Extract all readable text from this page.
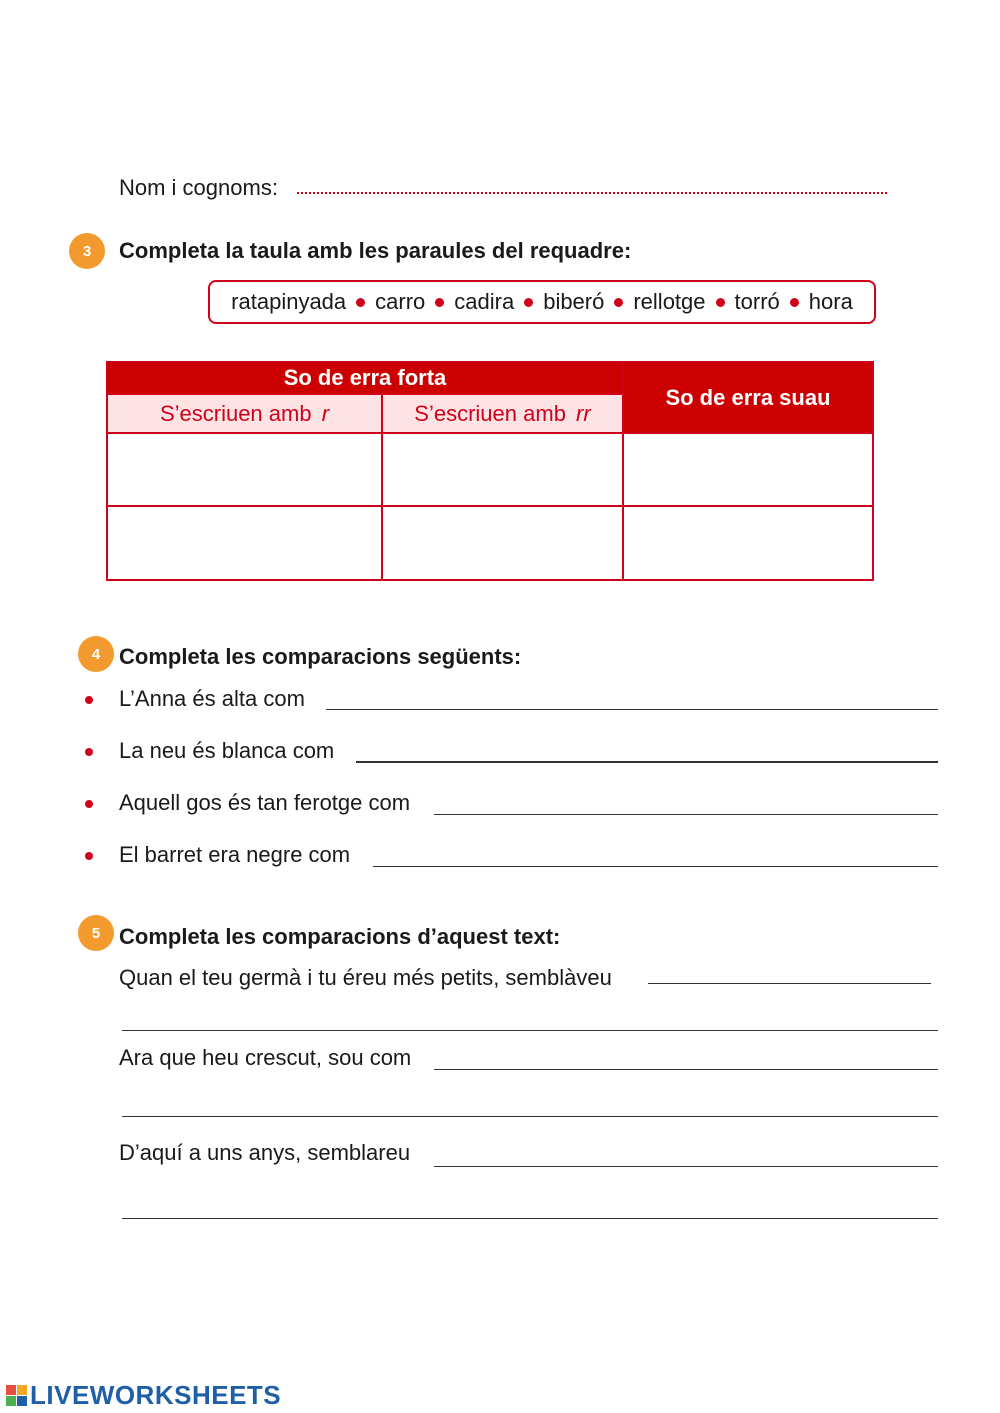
Nom i cognoms:
3	Completa la taula amb les paraules del requadre:
ratapinyada carro cadira biberó rellotge torró hora
So de erra forta
So de erra suau
S’escriuen amb r	S’escriuen amb rr
4 Completa les comparacions següents:
L’Anna és alta com
La neu és blanca com
Aquell gos és tan ferotge com
El barret era negre com
5 Completa les comparacions d’aquest text:
Quan el teu germà i tu éreu més petits, semblàveu
Ara que heu crescut, sou com
D’aquí a uns anys, semblareu
LIVEWORKSHEETS
